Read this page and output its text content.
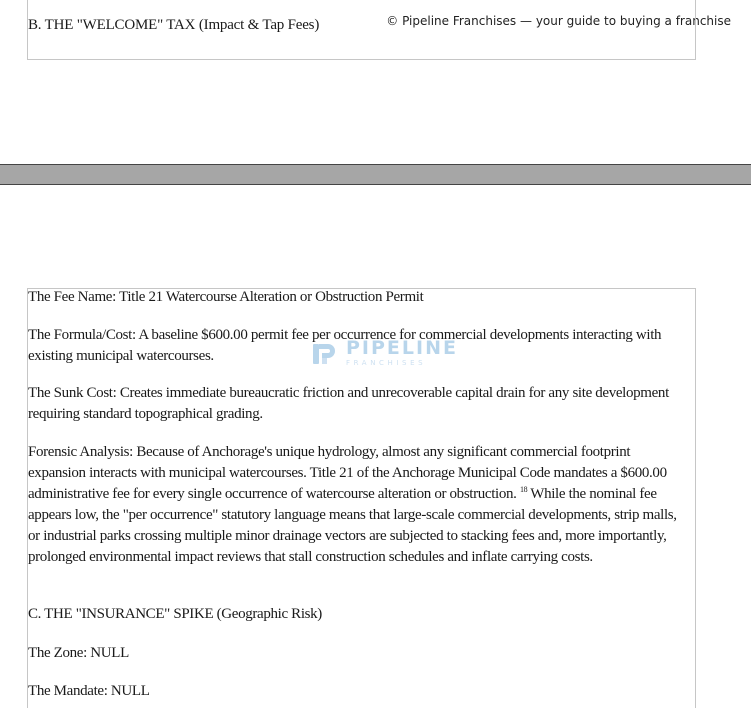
© Pipeline Franchises — your guide to buying a franchise
B. THE "WELCOME" TAX (Impact & Tap Fees)

The Fee Name: Title 21 Watercourse Alteration or Obstruction Permit

The Formula/Cost: A baseline $600.00 permit fee per occurrence for commercial developments interacting with existing municipal watercourses.

The Sunk Cost: Creates immediate bureaucratic friction and unrecoverable capital drain for any site development requiring standard topographical grading.

Forensic Analysis: Because of Anchorage's unique hydrology, almost any significant commercial footprint expansion interacts with municipal watercourses. Title 21 of the Anchorage Municipal Code mandates a $600.00 administrative fee for every single occurrence of watercourse alteration or obstruction. $^{18}$ While the nominal fee appears low, the "per occurrence" statutory language means that large-scale commercial developments, strip malls, or industrial parks crossing multiple minor drainage vectors are subjected to stacking fees and, more importantly, prolonged environmental impact reviews that stall construction schedules and inflate carrying costs.

C. THE "INSURANCE" SPIKE (Geographic Risk)

The Zone: NULL

The Mandate: NULL

PIPELINE
FRANCHISES
